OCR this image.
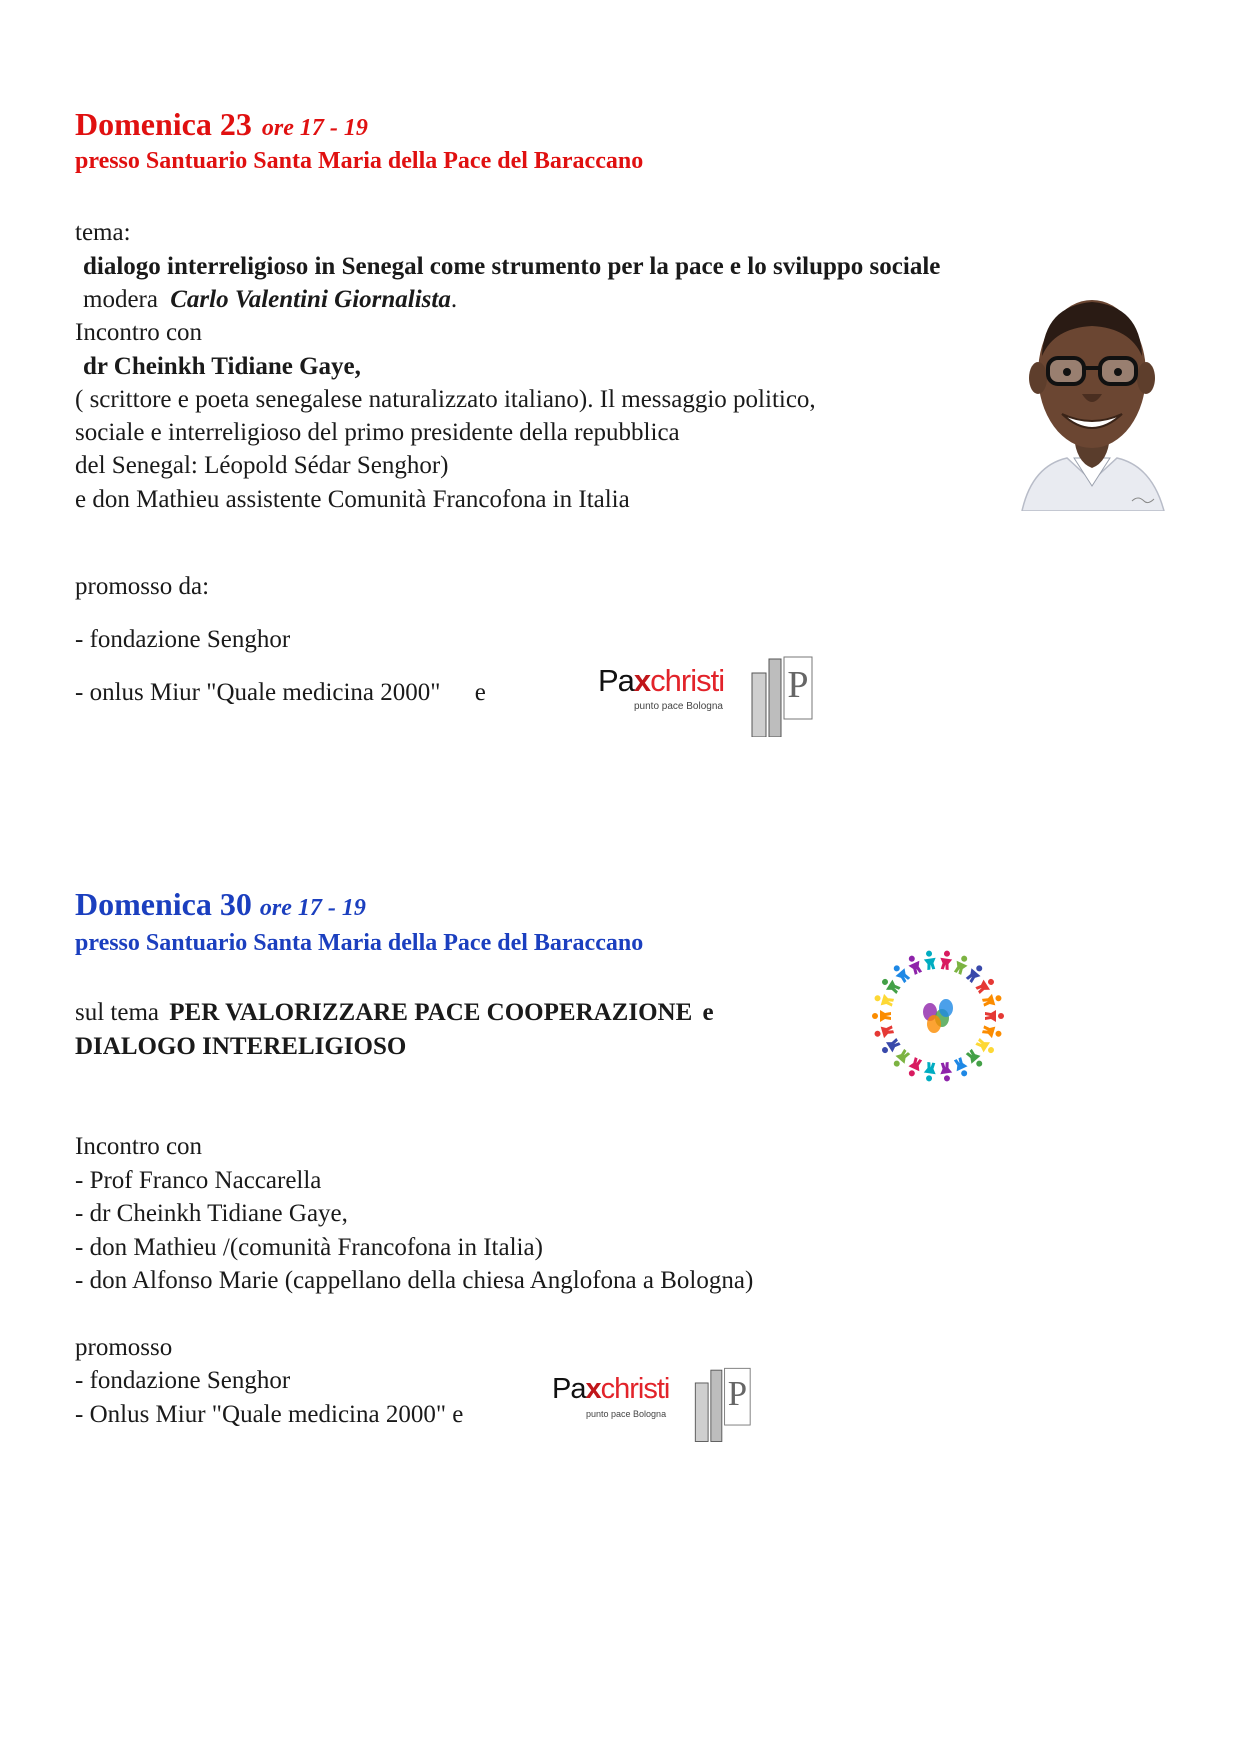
Domenica 23 ore 17 - 19
presso Santuario Santa Maria della Pace del Baraccano
tema:
dialogo interreligioso in Senegal come strumento per la pace e lo sviluppo sociale
modera Carlo Valentini Giornalista.
Incontro con
dr Cheinkh Tidiane Gaye,
( scrittore e poeta senegalese naturalizzato italiano). Il messaggio politico,
sociale e interreligioso del primo presidente della repubblica
del Senegal: Léopold Sédar Senghor)
e don Mathieu assistente Comunità Francofona in Italia
promosso da:
- fondazione Senghor
- onlus Miur "Quale medicina 2000" e	Paxchristi
punto pace Bologna
P
Domenica 30 ore 17 - 19
presso Santuario Santa Maria della Pace del Baraccano
sul tema PER VALORIZZARE PACE COOPERAZIONE e
DIALOGO INTERELIGIOSO
Incontro con
- Prof Franco Naccarella
- dr Cheinkh Tidiane Gaye,
- don Mathieu /(comunità Francofona in Italia)
- don Alfonso Marie (cappellano della chiesa Anglofona a Bologna)
promosso
- fondazione Senghor
- Onlus Miur "Quale medicina 2000" e
Paxchristi
punto pace Bologna
P
